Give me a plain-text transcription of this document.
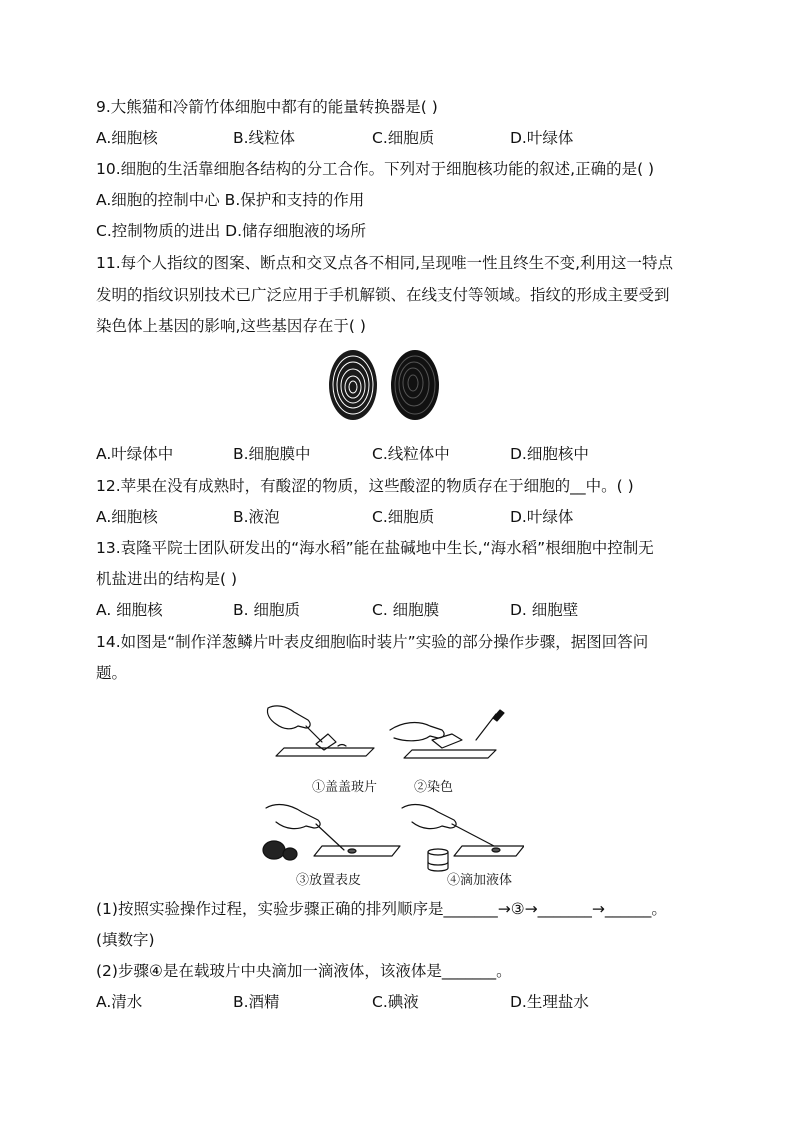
9.大熊猫和冷箭竹体细胞中都有的能量转换器是( )
A.细胞核	B.线粒体	C.细胞质	D.叶绿体
10.细胞的生活靠细胞各结构的分工合作。下列对于细胞核功能的叙述,正确的是( )
A.细胞的控制中心 B.保护和支持的作用
C.控制物质的进出 D.储存细胞液的场所
11.每个人指纹的图案、断点和交叉点各不相同,呈现唯一性且终生不变,利用这一特点
发明的指纹识别技术已广泛应用于手机解锁、在线支付等领域。指纹的形成主要受到
染色体上基因的影响,这些基因存在于( )
A.叶绿体中	B.细胞膜中	C.线粒体中	D.细胞核中
12.苹果在没有成熟时，有酸涩的物质，这些酸涩的物质存在于细胞的__中。( )
A.细胞核	B.液泡	C.细胞质	D.叶绿体
13.袁隆平院士团队研发出的“海水稻”能在盐碱地中生长,“海水稻”根细胞中控制无
机盐进出的结构是( )
A. 细胞核	B. 细胞质	C. 细胞膜	D. 细胞壁
14.如图是“制作洋葱鳞片叶表皮细胞临时装片”实验的部分操作步骤，据图回答问
题。
①盖盖玻片	②染色
③放置表皮	④滴加液体
(1)按照实验操作过程，实验步骤正确的排列顺序是_______→③→_______→______。
(填数字)
(2)步骤④是在载玻片中央滴加一滴液体，该液体是_______。
A.清水	B.酒精	C.碘液	D.生理盐水
